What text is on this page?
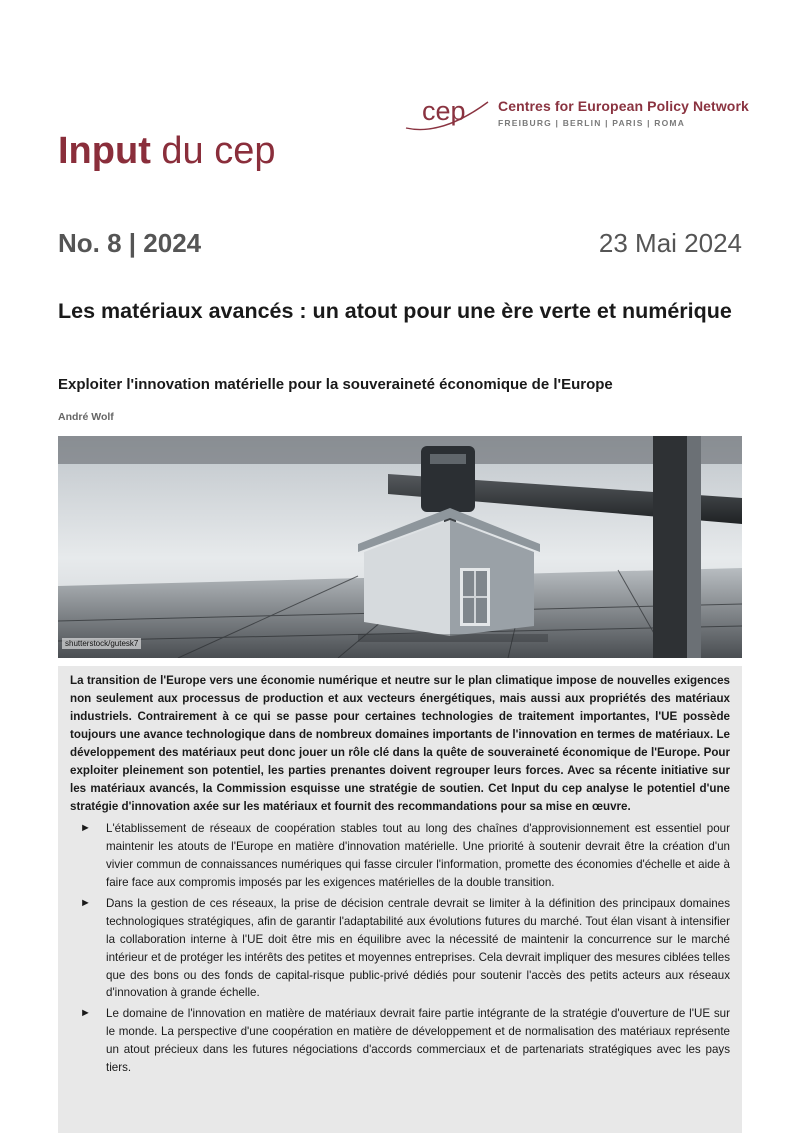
cep Centres for European Policy Network
FREIBURG | BERLIN | PARIS | ROMA
Input du cep
No. 8 | 2024	23 Mai 2024
Les matériaux avancés : un atout pour une ère verte et numérique
Exploiter l'innovation matérielle pour la souveraineté économique de l'Europe
André Wolf
shutterstock/gutesk7

La transition de l'Europe vers une économie numérique et neutre sur le plan climatique impose de nouvelles exigences non seulement aux processus de production et aux vecteurs énergétiques, mais aussi aux propriétés des matériaux industriels. Contrairement à ce qui se passe pour certaines technologies de traitement importantes, l'UE possède toujours une avance technologique dans de nombreux domaines importants de l'innovation en termes de matériaux. Le développement des matériaux peut donc jouer un rôle clé dans la quête de souveraineté économique de l'Europe. Pour exploiter pleinement son potentiel, les parties prenantes doivent regrouper leurs forces. Avec sa récente initiative sur les matériaux avancés, la Commission esquisse une stratégie de soutien. Cet Input du cep analyse le potentiel d'une stratégie d'innovation axée sur les matériaux et fournit des recommandations pour sa mise en œuvre.

► L'établissement de réseaux de coopération stables tout au long des chaînes d'approvisionnement est essentiel pour maintenir les atouts de l'Europe en matière d'innovation matérielle. Une priorité à soutenir devrait être la création d'un vivier commun de connaissances numériques qui fasse circuler l'information, promette des économies d'échelle et aide à faire face aux compromis imposés par les exigences matérielles de la double transition.
► Dans la gestion de ces réseaux, la prise de décision centrale devrait se limiter à la définition des principaux domaines technologiques stratégiques, afin de garantir l'adaptabilité aux évolutions futures du marché. Tout élan visant à intensifier la collaboration interne à l'UE doit être mis en équilibre avec la nécessité de maintenir la concurrence sur le marché intérieur et de protéger les intérêts des petites et moyennes entreprises. Cela devrait impliquer des mesures ciblées telles que des bons ou des fonds de capital-risque public-privé dédiés pour soutenir l'accès des petits acteurs aux réseaux d'innovation à grande échelle.
► Le domaine de l'innovation en matière de matériaux devrait faire partie intégrante de la stratégie d'ouverture de l'UE sur le monde. La perspective d'une coopération en matière de développement et de normalisation des matériaux représente un atout précieux dans les futures négociations d'accords commerciaux et de partenariats stratégiques avec les pays tiers.
